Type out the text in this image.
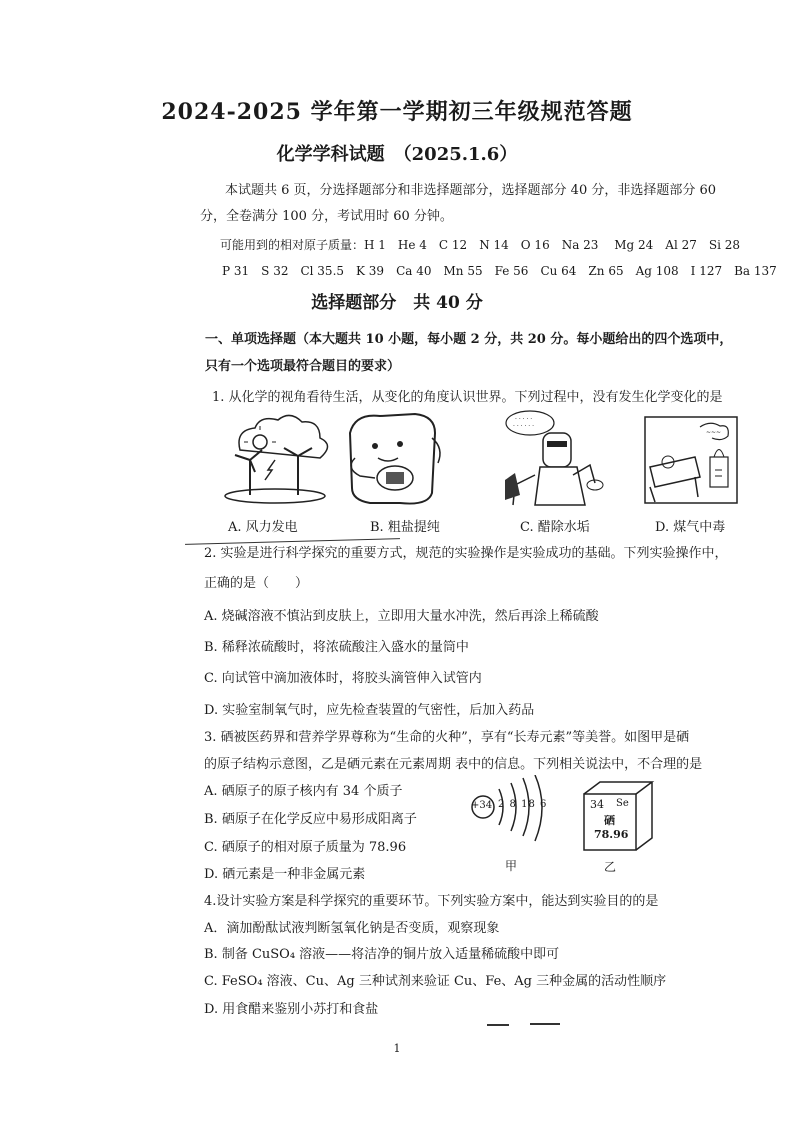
2024-2025 学年第一学期初三年级规范答题
化学学科试题　（2025.1.6）
本试题共 6 页，分选择题部分和非选择题部分，选择题部分 40 分，非选择题部分 60
分，全卷满分 100 分，考试用时 60 分钟。
可能用到的相对原子质量：H 1　He 4　C 12　N 14　O 16　Na 23　 Mg 24　Al 27　Si 28
P 31　S 32　Cl 35.5　K 39　Ca 40　Mn 55　Fe 56　Cu 64　Zn 65　Ag 108　I 127　Ba 137
选择题部分　共 40 分
一、单项选择题（本大题共 10 小题，每小题 2 分，共 20 分。每小题给出的四个选项中，
只有一个选项最符合题目的要求）
1. 从化学的视角看待生活，从变化的角度认识世界。下列过程中，没有发生化学变化的是
· · · · ·
· · · · · ·
~~~
A. 风力发电	B. 粗盐提纯	C. 醋除水垢	D. 煤气中毒
2. 实验是进行科学探究的重要方式，规范的实验操作是实验成功的基础。下列实验操作中，
正确的是（　　）
A. 烧碱溶液不慎沾到皮肤上，立即用大量水冲洗，然后再涂上稀硫酸
B. 稀释浓硫酸时，将浓硫酸注入盛水的量筒中
C. 向试管中滴加液体时，将胶头滴管伸入试管内
D. 实验室制氧气时，应先检查装置的气密性，后加入药品
3. 硒被医药界和营养学界尊称为“生命的火种”，享有“长寿元素”等美誉。如图甲是硒
的原子结构示意图，乙是硒元素在元素周期 表中的信息。下列相关说法中，不合理的是
A. 硒原子的原子核内有 34 个质子
B. 硒原子在化学反应中易形成阳离子
C. 硒原子的相对原子质量为 78.96
D. 硒元素是一种非金属元素
+34 2 8 18 6
甲
34 Se
硒
78.96
乙
4.设计实验方案是科学探究的重要环节。下列实验方案中，能达到实验目的的是
A．滴加酚酞试液判断氢氧化钠是否变质，观察现象
B. 制备 CuSO₄ 溶液——将洁净的铜片放入适量稀硫酸中即可
C. FeSO₄ 溶液、Cu、Ag 三种试剂来验证 Cu、Fe、Ag 三种金属的活动性顺序
D. 用食醋来鉴别小苏打和食盐
1
